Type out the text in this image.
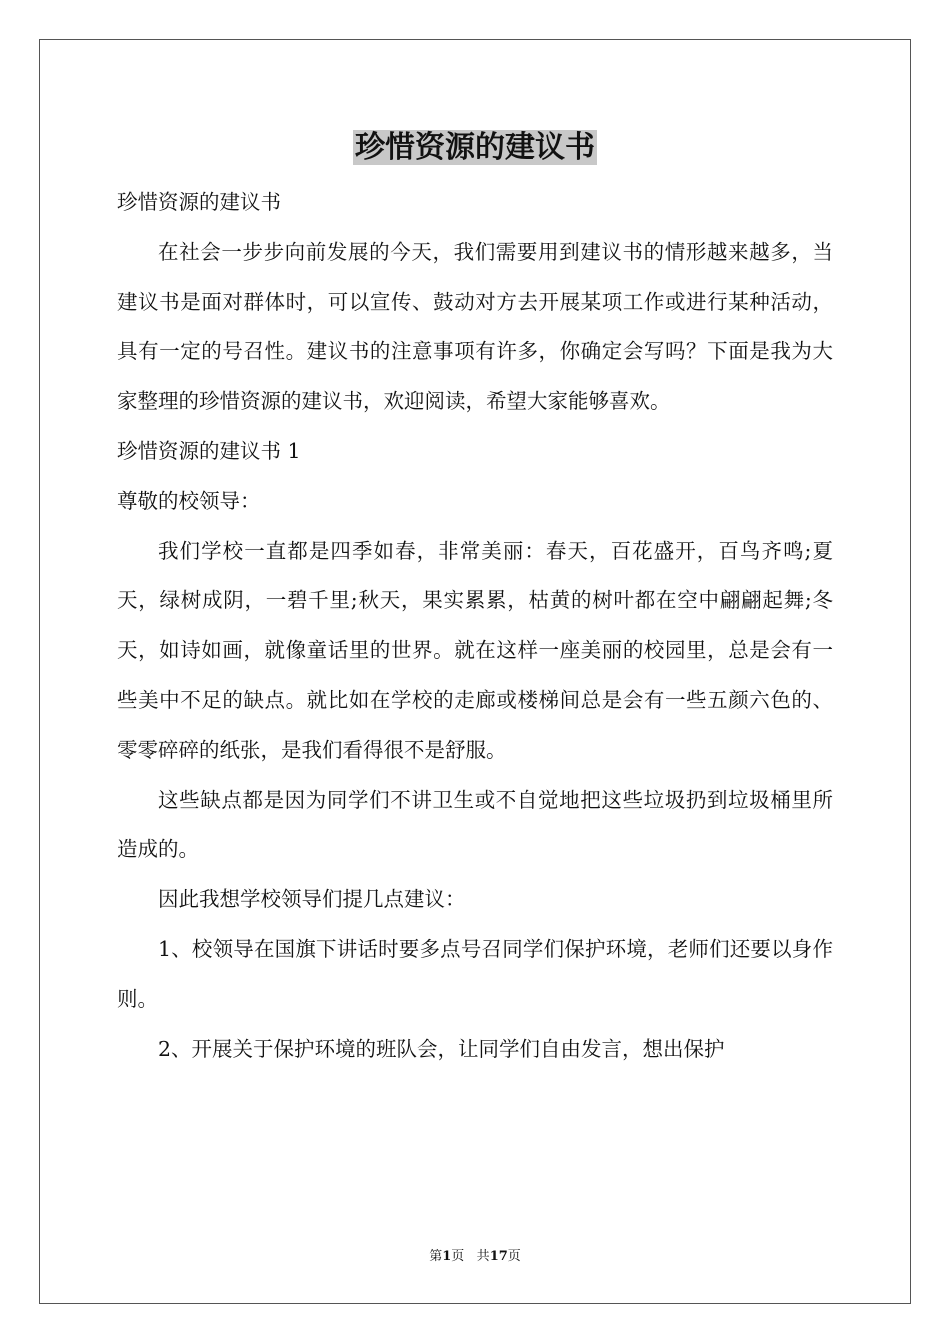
珍惜资源的建议书

珍惜资源的建议书

在社会一步步向前发展的今天，我们需要用到建议书的情形越来越多，当建议书是面对群体时，可以宣传、鼓动对方去开展某项工作或进行某种活动，具有一定的号召性。建议书的注意事项有许多，你确定会写吗？下面是我为大家整理的珍惜资源的建议书，欢迎阅读，希望大家能够喜欢。

珍惜资源的建议书 1

尊敬的校领导：

我们学校一直都是四季如春，非常美丽：春天，百花盛开，百鸟齐鸣;夏天，绿树成阴，一碧千里;秋天，果实累累，枯黄的树叶都在空中翩翩起舞;冬天，如诗如画，就像童话里的世界。就在这样一座美丽的校园里，总是会有一些美中不足的缺点。就比如在学校的走廊或楼梯间总是会有一些五颜六色的、零零碎碎的纸张，是我们看得很不是舒服。

这些缺点都是因为同学们不讲卫生或不自觉地把这些垃圾扔到垃圾桶里所造成的。

因此我想学校领导们提几点建议：

1、校领导在国旗下讲话时要多点号召同学们保护环境，老师们还要以身作则。

2、开展关于保护环境的班队会，让同学们自由发言，想出保护

第1页 共17页
